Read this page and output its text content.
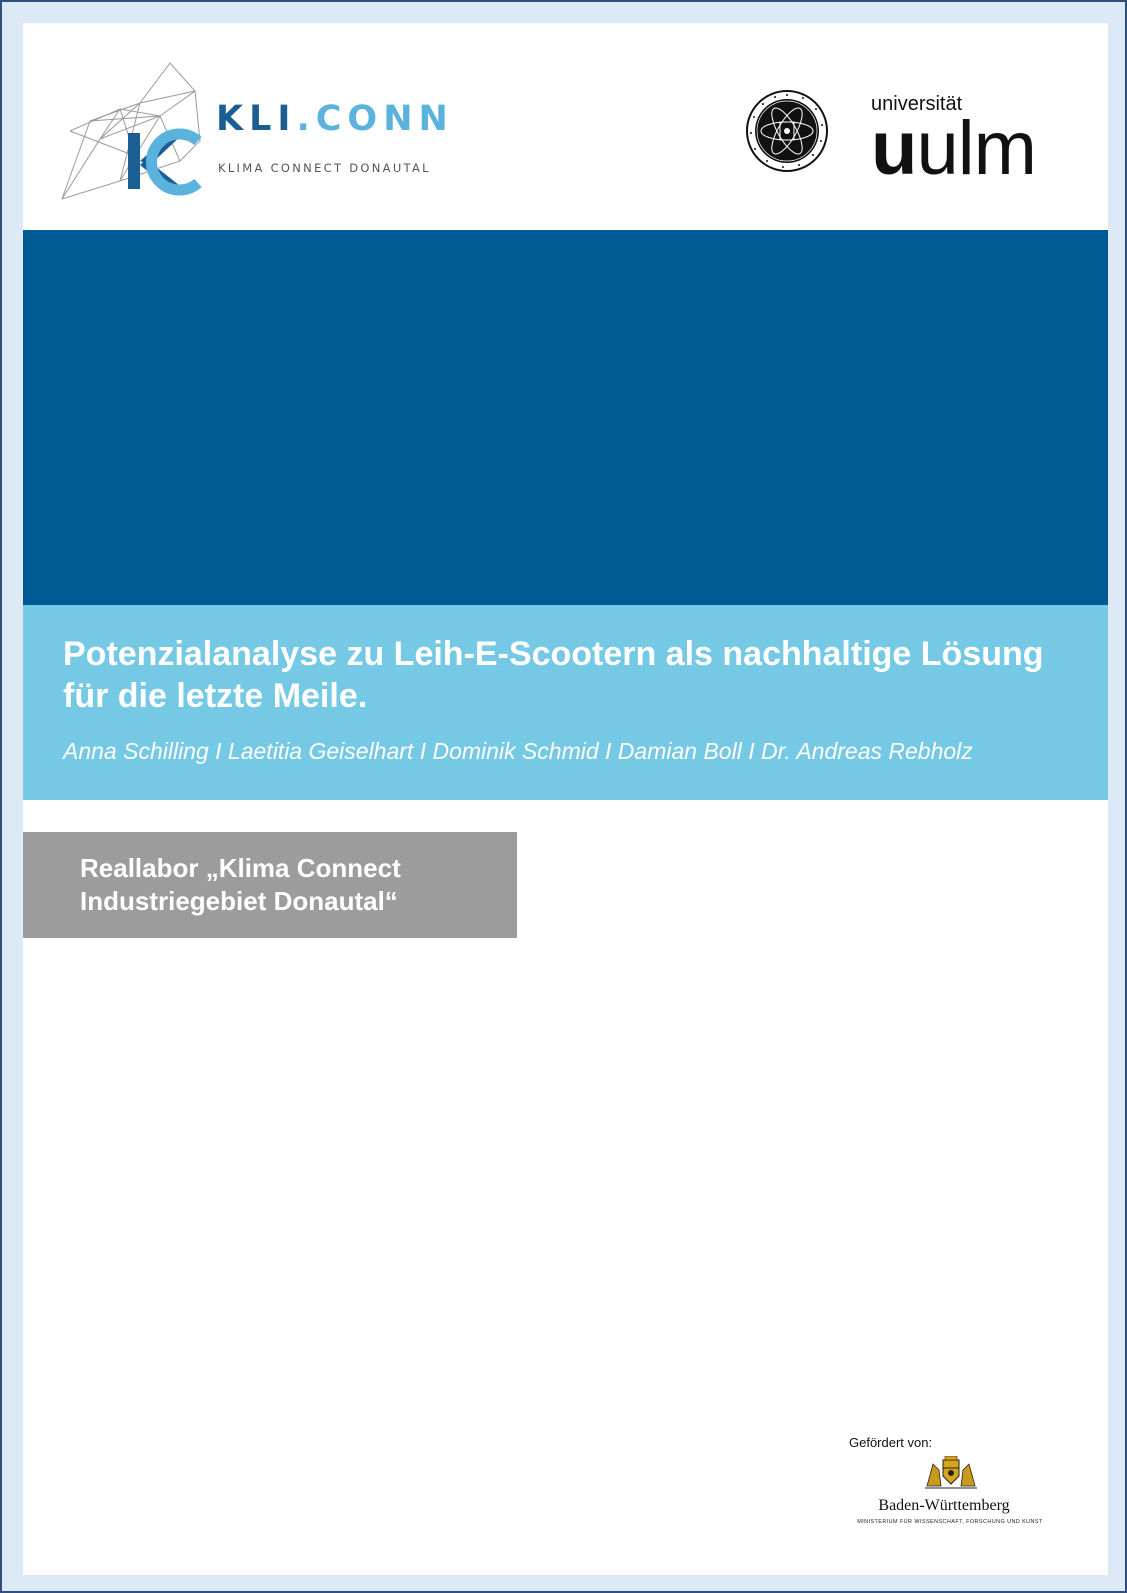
KLI.CONN
KLIMA CONNECT DONAUTAL
universität
uulm
Potenzialanalyse zu Leih-E-Scootern als nachhaltige Lösung für die letzte Meile.
Anna Schilling I Laetitia Geiselhart I Dominik Schmid I Damian Boll I Dr. Andreas Rebholz
Reallabor „Klima Connect Industriegebiet Donautal“
Gefördert von:
Baden-Württemberg
MINISTERIUM FÜR WISSENSCHAFT, FORSCHUNG UND KUNST
